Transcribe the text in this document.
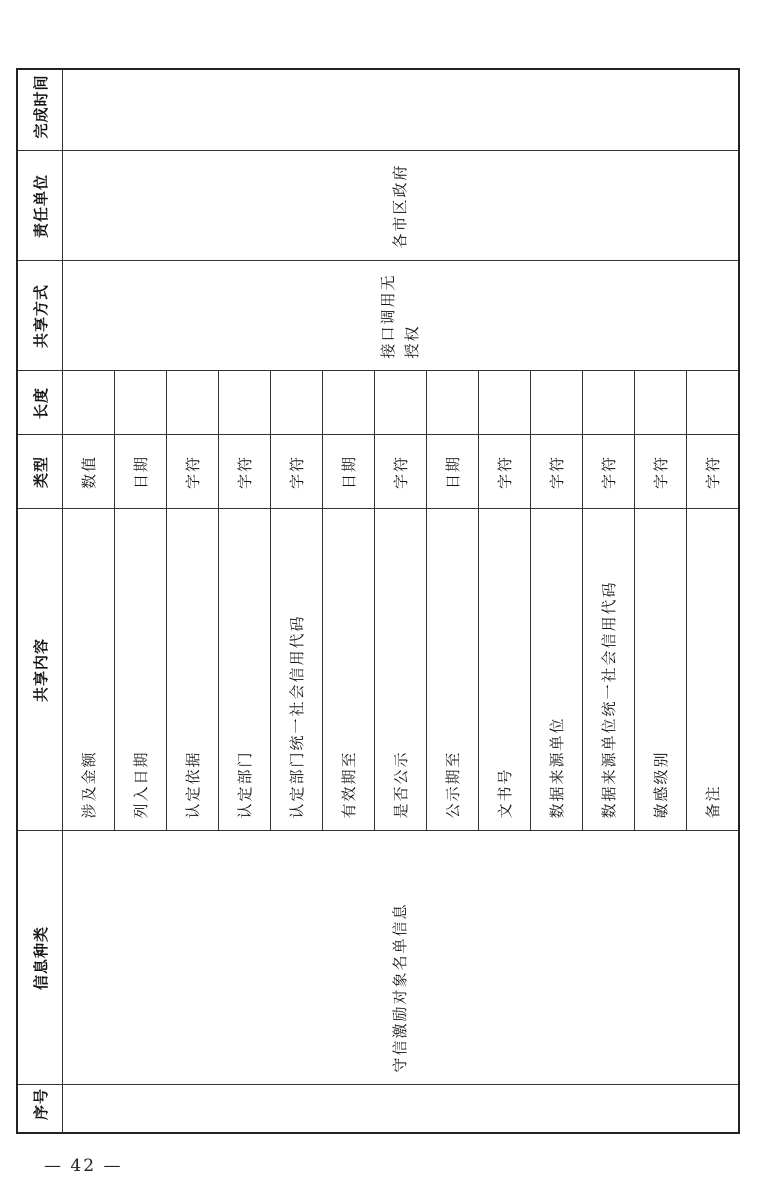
序号	信息种类	共享内容	类型	长度	共享方式	责任单位	完成时间

	守信激励对象名单信息	涉及金额	数值		接口调用无授权	各市区政府

		列入日期	日期				
		认定依据	字符				
		认定部门	字符				
		认定部门统一社会信用代码	字符				
		有效期至	日期				
		是否公示	字符				
		公示期至	日期				
		文书号	字符				
		数据来源单位	字符				
		数据来源单位统一社会信用代码	字符				
		敏感级别	字符				
		备注	字符				
— 42 —
